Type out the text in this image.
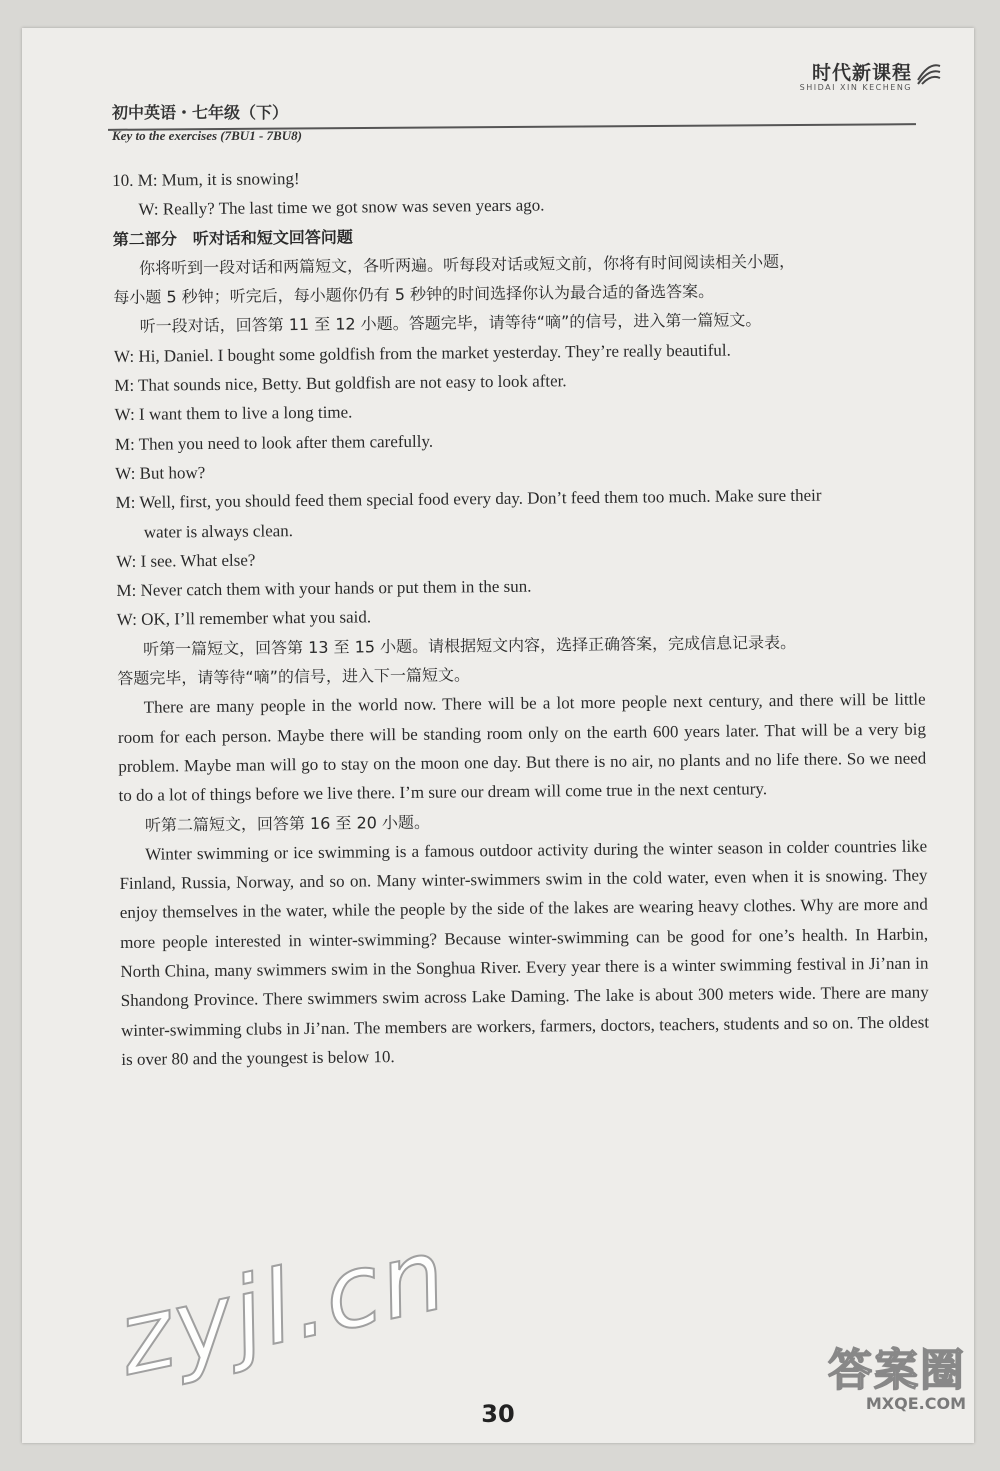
时代新课程
SHIDAI XIN KECHENG
初中英语・七年级（下）
Key to the exercises (7BU1 - 7BU8)
10. M: Mum, it is snowing!
W: Really? The last time we got snow was seven years ago.
第二部分　听对话和短文回答问题
你将听到一段对话和两篇短文，各听两遍。听每段对话或短文前，你将有时间阅读相关小题，
每小题 5 秒钟；听完后，每小题你仍有 5 秒钟的时间选择你认为最合适的备选答案。
听一段对话，回答第 11 至 12 小题。答题完毕，请等待“嘀”的信号，进入第一篇短文。
W: Hi, Daniel. I bought some goldfish from the market yesterday. They’re really beautiful.
M: That sounds nice, Betty. But goldfish are not easy to look after.
W: I want them to live a long time.
M: Then you need to look after them carefully.
W: But how?
M: Well, first, you should feed them special food every day. Don’t feed them too much. Make sure their
water is always clean.
W: I see. What else?
M: Never catch them with your hands or put them in the sun.
W: OK, I’ll remember what you said.
听第一篇短文，回答第 13 至 15 小题。请根据短文内容，选择正确答案，完成信息记录表。
答题完毕，请等待“嘀”的信号，进入下一篇短文。
There are many people in the world now. There will be a lot more people next century, and there will be little room for each person. Maybe there will be standing room only on the earth 600 years later. That will be a very big problem. Maybe man will go to stay on the moon one day. But there is no air, no plants and no life there. So we need to do a lot of things before we live there. I’m sure our dream will come true in the next century.
听第二篇短文，回答第 16 至 20 小题。
Winter swimming or ice swimming is a famous outdoor activity during the winter season in colder countries like Finland, Russia, Norway, and so on. Many winter-swimmers swim in the cold water, even when it is snowing. They enjoy themselves in the water, while the people by the side of the lakes are wearing heavy clothes. Why are more and more people interested in winter-swimming? Because winter-swimming can be good for one’s health. In Harbin, North China, many swimmers swim in the Songhua River. Every year there is a winter swimming festival in Ji’nan in Shandong Province. There swimmers swim across Lake Daming. The lake is about 300 meters wide. There are many winter-swimming clubs in Ji’nan. The members are workers, farmers, doctors, teachers, students and so on. The oldest is over 80 and the youngest is below 10.
30
zyjl.cn	答案圈
MXQE.COM
